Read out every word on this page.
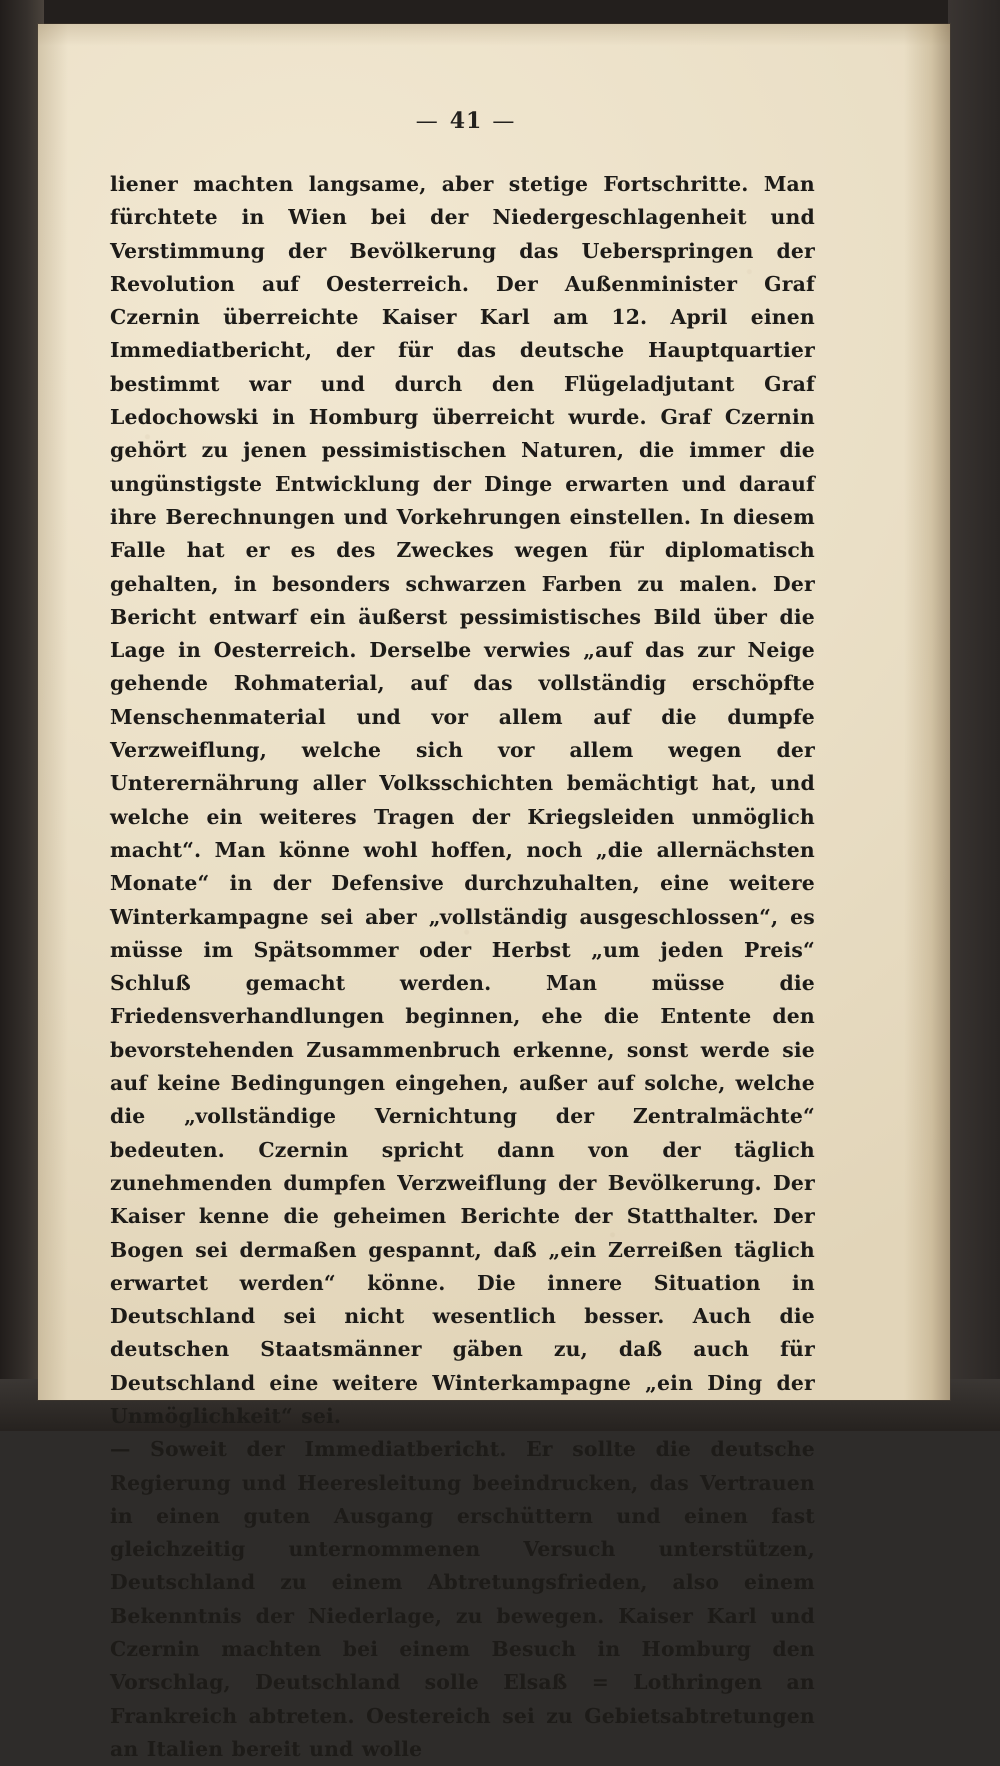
— 41 —

liener machten langsame, aber stetige Fortschritte. Man fürchtete in Wien bei der Niedergeschlagenheit und Verstimmung der Bevölkerung das Ueberspringen der Revolution auf Oesterreich. Der Außenminister Graf Czernin überreichte Kaiser Karl am 12. April einen Immediatbericht, der für das deutsche Hauptquartier bestimmt war und durch den Flügeladjutant Graf Ledochowski in Homburg überreicht wurde. Graf Czernin gehört zu jenen pessimistischen Naturen, die immer die ungünstigste Entwicklung der Dinge erwarten und darauf ihre Berechnungen und Vorkehrungen einstellen. In diesem Falle hat er es des Zweckes wegen für diplomatisch gehalten, in besonders schwarzen Farben zu malen. Der Bericht entwarf ein äußerst pessimistisches Bild über die Lage in Oesterreich. Derselbe verwies „auf das zur Neige gehende Rohmaterial, auf das vollständig erschöpfte Menschenmaterial und vor allem auf die dumpfe Verzweiflung, welche sich vor allem wegen der Unterernährung aller Volksschichten bemächtigt hat, und welche ein weiteres Tragen der Kriegsleiden unmöglich macht“. Man könne wohl hoffen, noch „die allernächsten Monate“ in der Defensive durchzuhalten, eine weitere Winterkampagne sei aber „vollständig ausgeschlossen“, es müsse im Spätsommer oder Herbst „um jeden Preis“ Schluß gemacht werden. Man müsse die Friedensverhandlungen beginnen, ehe die Entente den bevorstehenden Zusammenbruch erkenne, sonst werde sie auf keine Bedingungen eingehen, außer auf solche, welche die „vollständige Vernichtung der Zentralmächte“ bedeuten. Czernin spricht dann von der täglich zunehmenden dumpfen Verzweiflung der Bevölkerung. Der Kaiser kenne die geheimen Berichte der Statthalter. Der Bogen sei dermaßen gespannt, daß „ein Zerreißen täglich erwartet werden“ könne. Die innere Situation in Deutschland sei nicht wesentlich besser. Auch die deutschen Staatsmänner gäben zu, daß auch für Deutschland eine weitere Winterkampagne „ein Ding der Unmöglichkeit“ sei.

— Soweit der Immediatbericht. Er sollte die deutsche Regierung und Heeresleitung beeindrucken, das Vertrauen in einen guten Ausgang erschüttern und einen fast gleichzeitig unternommenen Versuch unterstützen, Deutschland zu einem Abtretungsfrieden, also einem Bekenntnis der Niederlage, zu bewegen. Kaiser Karl und Czernin machten bei einem Besuch in Homburg den Vorschlag, Deutschland solle Elsaß = Lothringen an Frankreich abtreten. Oestereich sei zu Gebietsabtretungen an Italien bereit und wolle
